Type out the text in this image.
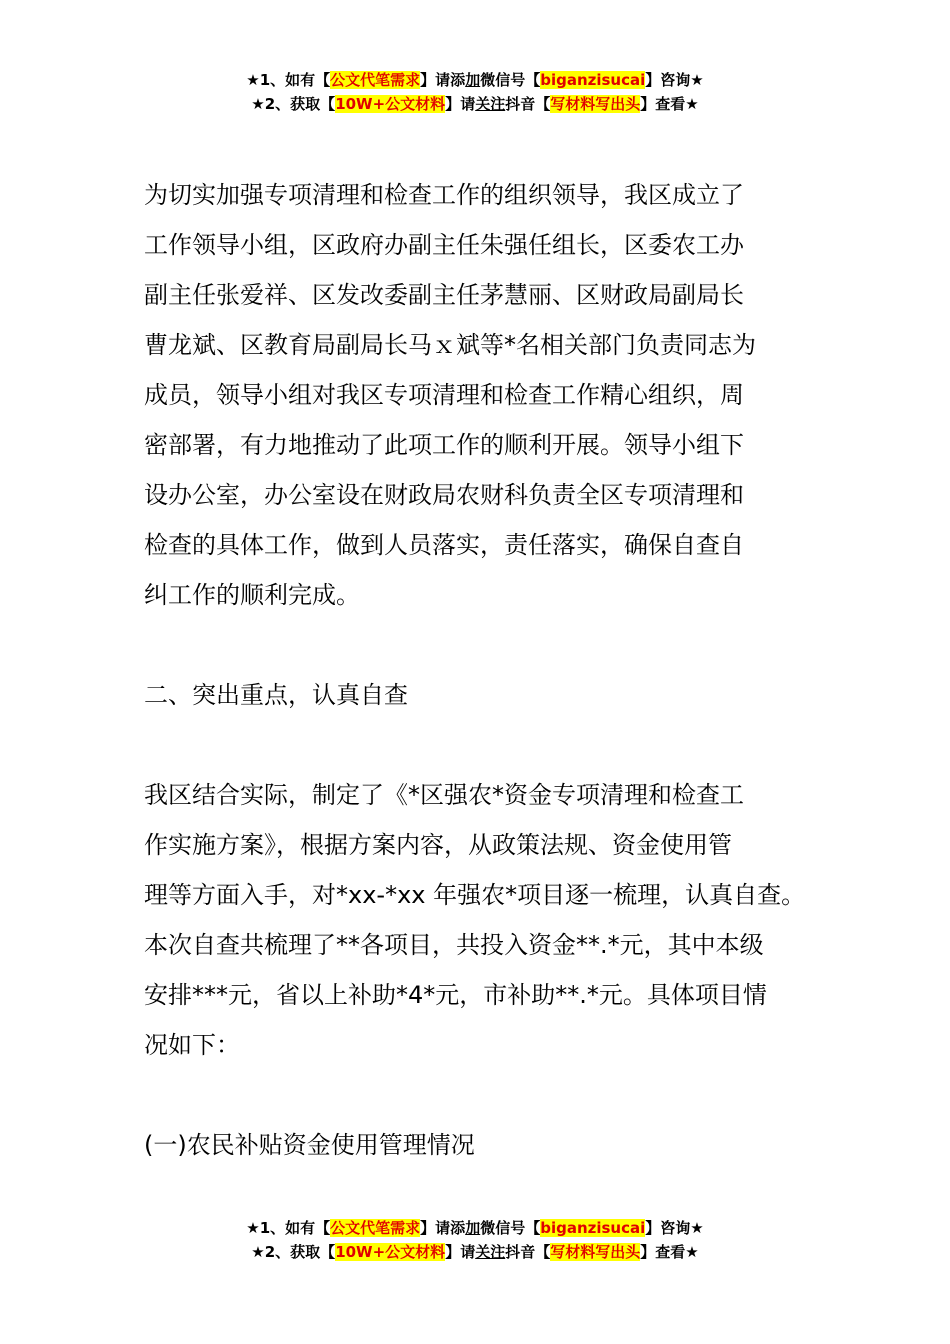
★1、如有【公文代笔需求】请添加微信号【biganzisucai】咨询★
★2、获取【10W+公文材料】请关注抖音【写材料写出头】查看★

为切实加强专项清理和检查工作的组织领导，我区成立了
工作领导小组，区政府办副主任朱强任组长，区委农工办
副主任张爱祥、区发改委副主任茅慧丽、区财政局副局长
曹龙斌、区教育局副局长马ｘ斌等*名相关部门负责同志为
成员，领导小组对我区专项清理和检查工作精心组织，周
密部署，有力地推动了此项工作的顺利开展。领导小组下
设办公室，办公室设在财政局农财科负责全区专项清理和
检查的具体工作，做到人员落实，责任落实，确保自查自
纠工作的顺利完成。

二、突出重点，认真自查

我区结合实际，制定了《*区强农*资金专项清理和检查工
作实施方案》，根据方案内容，从政策法规、资金使用管
理等方面入手，对*xx-*xx 年强农*项目逐一梳理，认真自查。
本次自查共梳理了**各项目，共投入资金**.*元，其中本级
安排***元，省以上补助*4*元，市补助**.*元。具体项目情
况如下：

(一)农民补贴资金使用管理情况

★1、如有【公文代笔需求】请添加微信号【biganzisucai】咨询★
★2、获取【10W+公文材料】请关注抖音【写材料写出头】查看★
